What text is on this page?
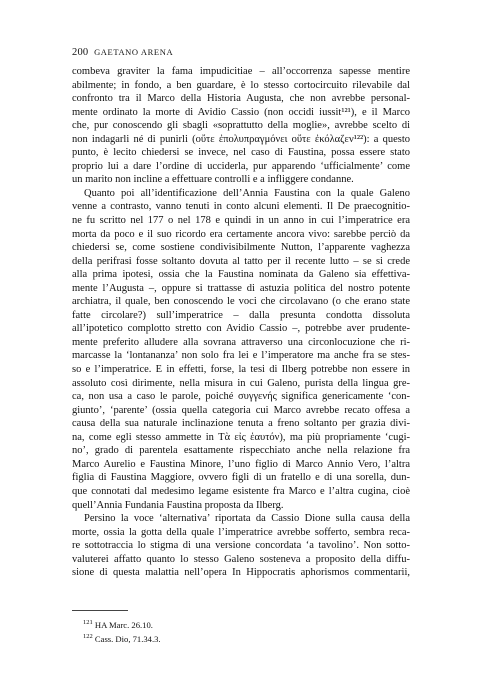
200 GAETANO ARENA
combeva graviter la fama impudicitiae – all’occorrenza sapesse mentire
abilmente; in fondo, a ben guardare, è lo stesso cortocircuito rilevabile dal
confronto tra il Marco della Historia Augusta, che non avrebbe personal-
mente ordinato la morte di Avidio Cassio (non occidi iussit¹²¹), e il Marco
che, pur conoscendo gli sbagli «soprattutto della moglie», avrebbe scelto di
non indagarli né di punirli (οὔτε ἐπολυπραγμόνει οὔτε ἐκόλαζεν¹²²): a questo
punto, è lecito chiedersi se invece, nel caso di Faustina, possa essere stato
proprio lui a dare l’ordine di ucciderla, pur apparendo ‘ufficialmente’ come
un marito non incline a effettuare controlli e a infliggere condanne.
Quanto poi all’identificazione dell’Annia Faustina con la quale Galeno
venne a contrasto, vanno tenuti in conto alcuni elementi. Il De praecognitio-
ne fu scritto nel 177 o nel 178 e quindi in un anno in cui l’imperatrice era
morta da poco e il suo ricordo era certamente ancora vivo: sarebbe perciò da
chiedersi se, come sostiene condivisibilmente Nutton, l’apparente vaghezza
della perifrasi fosse soltanto dovuta al tatto per il recente lutto – se si crede
alla prima ipotesi, ossia che la Faustina nominata da Galeno sia effettiva-
mente l’Augusta –, oppure si trattasse di astuzia politica del nostro potente
archiatra, il quale, ben conoscendo le voci che circolavano (o che erano state
fatte circolare?) sull’imperatrice – dalla presunta condotta dissoluta
all’ipotetico complotto stretto con Avidio Cassio –, potrebbe aver prudente-
mente preferito alludere alla sovrana attraverso una circonlocuzione che ri-
marcasse la ‘lontananza’ non solo fra lei e l’imperatore ma anche fra se stes-
so e l’imperatrice. E in effetti, forse, la tesi di Ilberg potrebbe non essere in
assoluto così dirimente, nella misura in cui Galeno, purista della lingua gre-
ca, non usa a caso le parole, poiché συγγενής significa genericamente ‘con-
giunto’, ‘parente’ (ossia quella categoria cui Marco avrebbe recato offesa a
causa della sua naturale inclinazione tenuta a freno soltanto per grazia divi-
na, come egli stesso ammette in Τὰ εἰς ἑαυτόν), ma più propriamente ‘cugi-
no’, grado di parentela esattamente rispecchiato anche nella relazione fra
Marco Aurelio e Faustina Minore, l’uno figlio di Marco Annio Vero, l’altra
figlia di Faustina Maggiore, ovvero figli di un fratello e di una sorella, dun-
que connotati dal medesimo legame esistente fra Marco e l’altra cugina, cioè
quell’Annia Fundania Faustina proposta da Ilberg.
Persino la voce ‘alternativa’ riportata da Cassio Dione sulla causa della
morte, ossia la gotta della quale l’imperatrice avrebbe sofferto, sembra reca-
re sottotraccia lo stigma di una versione concordata ‘a tavolino’. Non sotto-
valuterei affatto quanto lo stesso Galeno sosteneva a proposito della diffu-
sione di questa malattia nell’opera In Hippocratis aphorismos commentarii,
$^{121}$ HA Marc. 26.10.
$^{122}$ Cass. Dio, 71.34.3.
